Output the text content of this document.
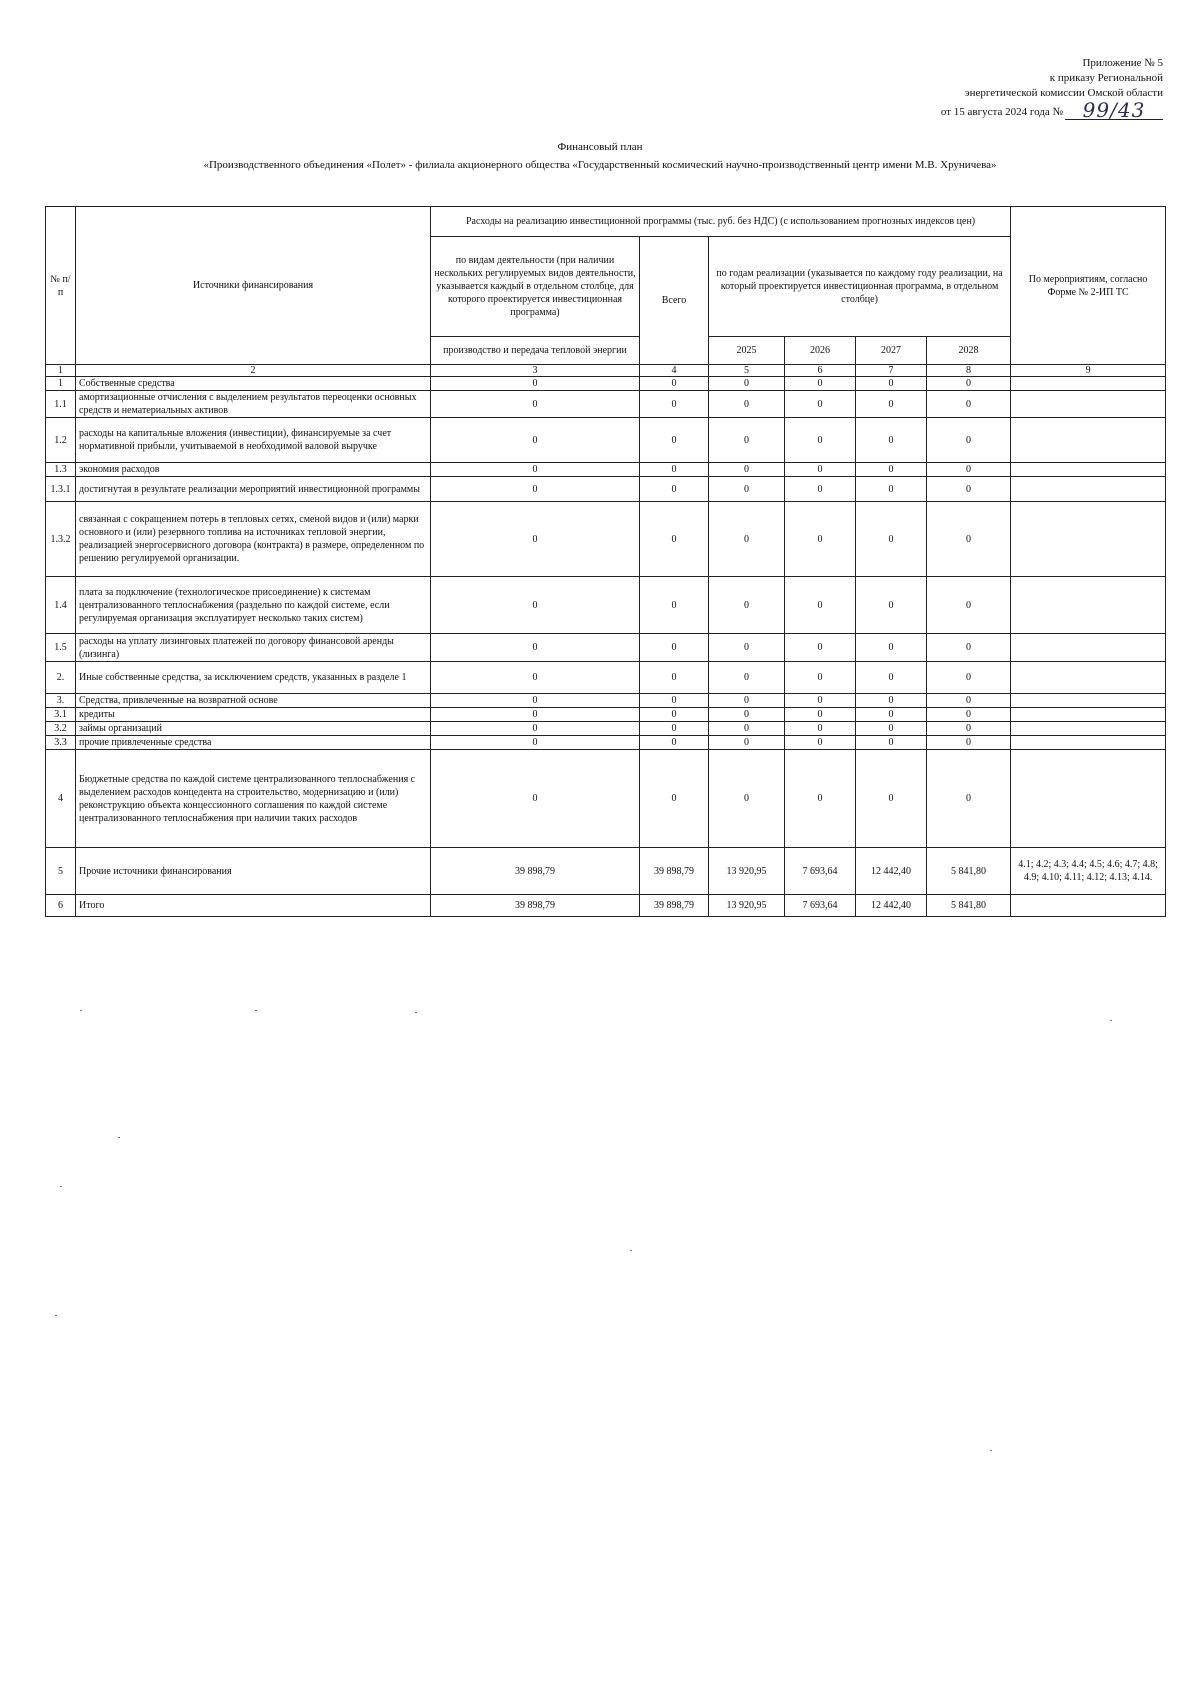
Приложение № 5
к приказу Региональной
энергетической комиссии Омской области
от 15 августа 2024 года № 99/43
Финансовый план
«Производственного объединения «Полет» - филиала акционерного общества «Государственный космический научно-производственный центр имени М.В. Хруничева»
№ п/п	Источники финансирования	Расходы на реализацию инвестиционной программы (тыс. руб. без НДС) (с использованием прогнозных индексов цен)						По мероприятиям, согласно Форме № 2-ИП ТС
		по видам деятельности (при наличии нескольких регулируемых видов деятельности, указывается каждый в отдельном столбце, для которого проектируется инвестиционная программа)	Всего	по годам реализации (указывается по каждому году реализации, на который проектируется инвестиционная программа, в отдельном столбце)				
		производство и передача тепловой энергии		2025	2026	2027	2028	
1	2	3	4	5	6	7	8	9
1	Собственные средства	0	0	0	0	0	0	
1.1	амортизационные отчисления с выделением результатов переоценки основных средств и нематериальных активов	0	0	0	0	0	0	
1.2	расходы на капитальные вложения (инвестиции), финансируемые за счет нормативной прибыли, учитываемой в необходимой валовой выручке	0	0	0	0	0	0	
1.3	экономия расходов	0	0	0	0	0	0	
1.3.1	достигнутая в результате реализации мероприятий инвестиционной программы	0	0	0	0	0	0	
1.3.2	связанная с сокращением потерь в тепловых сетях, сменой видов и (или) марки основного и (или) резервного топлива на источниках тепловой энергии, реализацией энергосервисного договора (контракта) в размере, определенном по решению регулируемой организации.	0	0	0	0	0	0	
1.4	плата за подключение (технологическое присоединение) к системам централизованного теплоснабжения (раздельно по каждой системе, если регулируемая организация эксплуатирует несколько таких систем)	0	0	0	0	0	0	
1.5	расходы на уплату лизинговых платежей по договору финансовой аренды (лизинга)	0	0	0	0	0	0	
2.	Иные собственные средства, за исключением средств, указанных в разделе 1	0	0	0	0	0	0	
3.	Средства, привлеченные на возвратной основе	0	0	0	0	0	0	
3.1	кредиты	0	0	0	0	0	0	
3.2	займы организаций	0	0	0	0	0	0	
3.3	прочие привлеченные средства	0	0	0	0	0	0	
4	Бюджетные средства по каждой системе централизованного теплоснабжения с выделением расходов концедента на строительство, модернизацию и (или) реконструкцию объекта концессионного соглашения по каждой системе централизованного теплоснабжения при наличии таких расходов	0	0	0	0	0	0	
5	Прочие источники финансирования	39 898,79	39 898,79	13 920,95	7 693,64	12 442,40	5 841,80	4.1; 4.2; 4.3; 4.4; 4.5; 4.6; 4.7; 4.8; 4.9; 4.10; 4.11; 4.12; 4.13; 4.14.
6	Итого	39 898,79	39 898,79	13 920,95	7 693,64	12 442,40	5 841,80	
